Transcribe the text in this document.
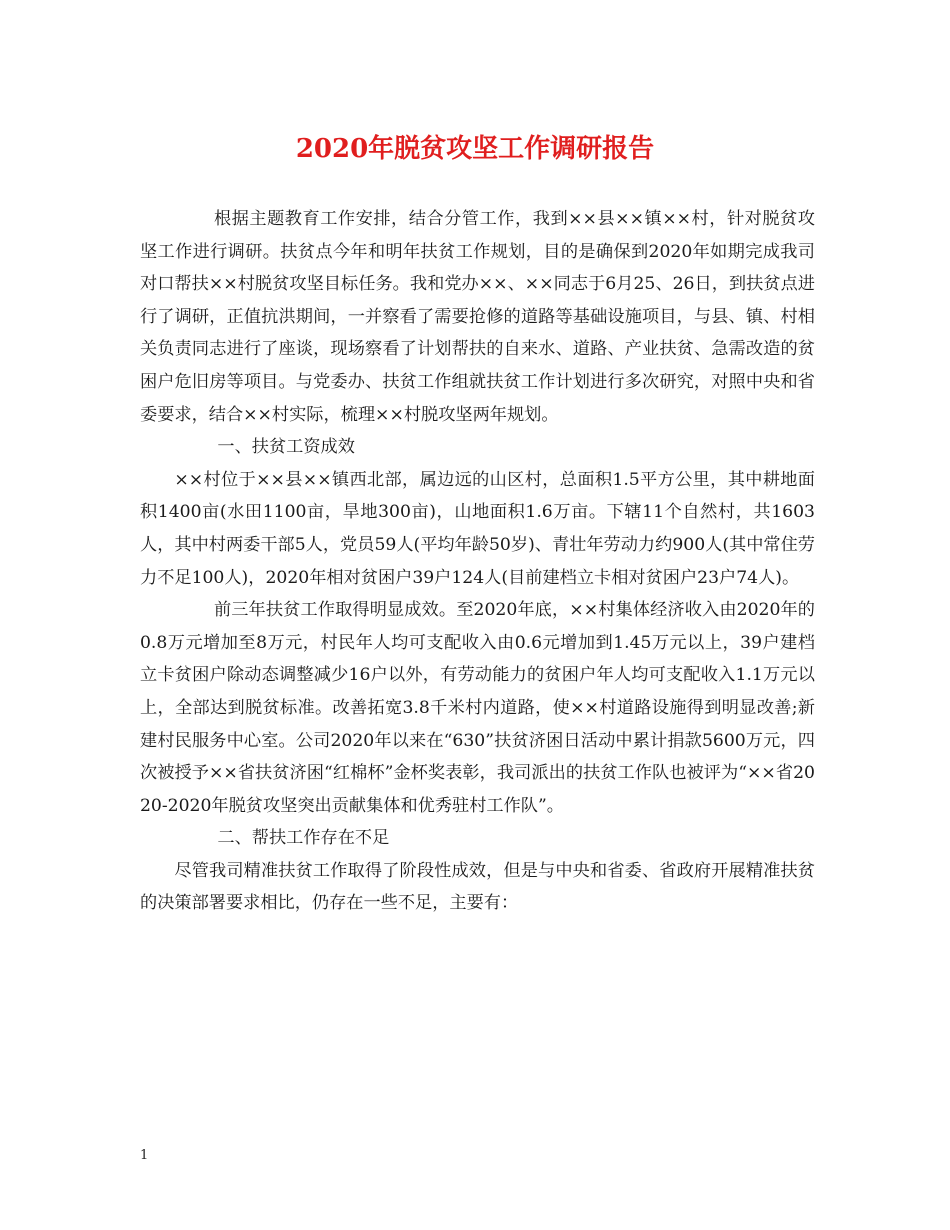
2020年脱贫攻坚工作调研报告

根据主题教育工作安排，结合分管工作，我到××县××镇××村，针对脱贫攻坚工作进行调研。扶贫点今年和明年扶贫工作规划，目的是确保到2020年如期完成我司对口帮扶××村脱贫攻坚目标任务。我和党办××、××同志于6月25、26日，到扶贫点进行了调研，正值抗洪期间，一并察看了需要抢修的道路等基础设施项目，与县、镇、村相关负责同志进行了座谈，现场察看了计划帮扶的自来水、道路、产业扶贫、急需改造的贫困户危旧房等项目。与党委办、扶贫工作组就扶贫工作计划进行多次研究，对照中央和省委要求，结合××村实际，梳理××村脱攻坚两年规划。

一、扶贫工资成效

××村位于××县××镇西北部，属边远的山区村，总面积1.5平方公里，其中耕地面积1400亩(水田1100亩，旱地300亩)，山地面积1.6万亩。下辖11个自然村，共1603人，其中村两委干部5人，党员59人(平均年龄50岁)、青壮年劳动力约900人(其中常住劳力不足100人)，2020年相对贫困户39户124人(目前建档立卡相对贫困户23户74人)。

前三年扶贫工作取得明显成效。至2020年底，××村集体经济收入由2020年的0.8万元增加至8万元，村民年人均可支配收入由0.6元增加到1.45万元以上，39户建档立卡贫困户除动态调整减少16户以外，有劳动能力的贫困户年人均可支配收入1.1万元以上，全部达到脱贫标准。改善拓宽3.8千米村内道路，使××村道路设施得到明显改善;新建村民服务中心室。公司2020年以来在“630”扶贫济困日活动中累计捐款5600万元，四次被授予××省扶贫济困“红棉杯”金杯奖表彰，我司派出的扶贫工作队也被评为“××省2020-2020年脱贫攻坚突出贡献集体和优秀驻村工作队”。

二、帮扶工作存在不足

尽管我司精准扶贫工作取得了阶段性成效，但是与中央和省委、省政府开展精准扶贫的决策部署要求相比，仍存在一些不足，主要有：

1
